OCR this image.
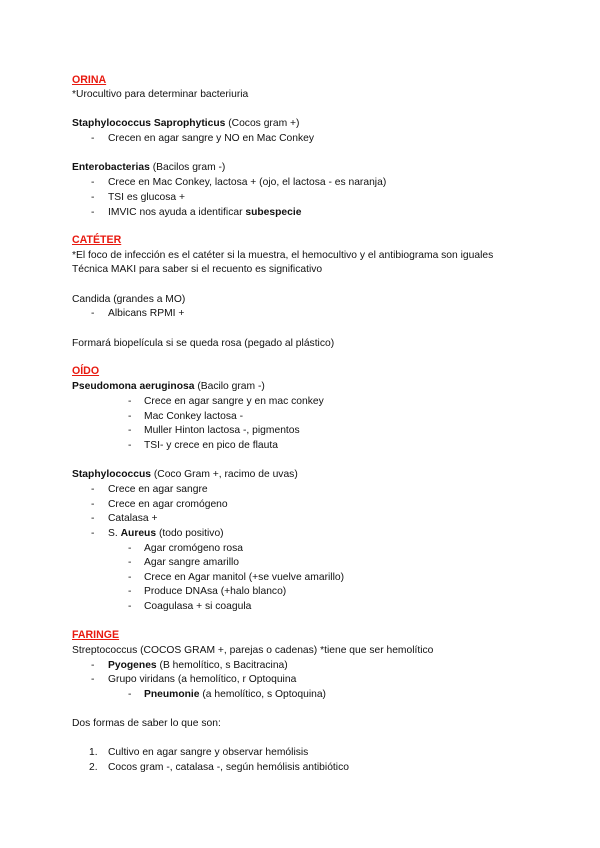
ORINA
*Urocultivo para determinar bacteriuria
Staphylococcus Saprophyticus (Cocos gram +)
- Crecen en agar sangre y NO en Mac Conkey
Enterobacterias (Bacilos gram -)
- Crece en Mac Conkey, lactosa + (ojo, el lactosa - es naranja)
- TSI es glucosa +
- IMVIC nos ayuda a identificar subespecie
CATÉTER
*El foco de infección es el catéter si la muestra, el hemocultivo y el antibiograma son iguales
Técnica MAKI para saber si el recuento es significativo
Candida (grandes a MO)
- Albicans RPMI +
Formará biopelícula si se queda rosa (pegado al plástico)
OÍDO
Pseudomona aeruginosa (Bacilo gram -)
- Crece en agar sangre y en mac conkey
- Mac Conkey lactosa -
- Muller Hinton lactosa -, pigmentos
- TSI- y crece en pico de flauta
Staphylococcus (Coco Gram +, racimo de uvas)
- Crece en agar sangre
- Crece en agar cromógeno
- Catalasa +
- S. Aureus (todo positivo)
- Agar cromógeno rosa
- Agar sangre amarillo
- Crece en Agar manitol (+se vuelve amarillo)
- Produce DNAsa (+halo blanco)
- Coagulasa + si coagula
FARINGE
Streptococcus (COCOS GRAM +, parejas o cadenas) *tiene que ser hemolítico
- Pyogenes (B hemolítico, s Bacitracina)
- Grupo viridans (a hemolítico, r Optoquina
- Pneumonie (a hemolítico, s Optoquina)
Dos formas de saber lo que son:
1. Cultivo en agar sangre y observar hemólisis
2. Cocos gram -, catalasa -, según hemólisis antibiótico
